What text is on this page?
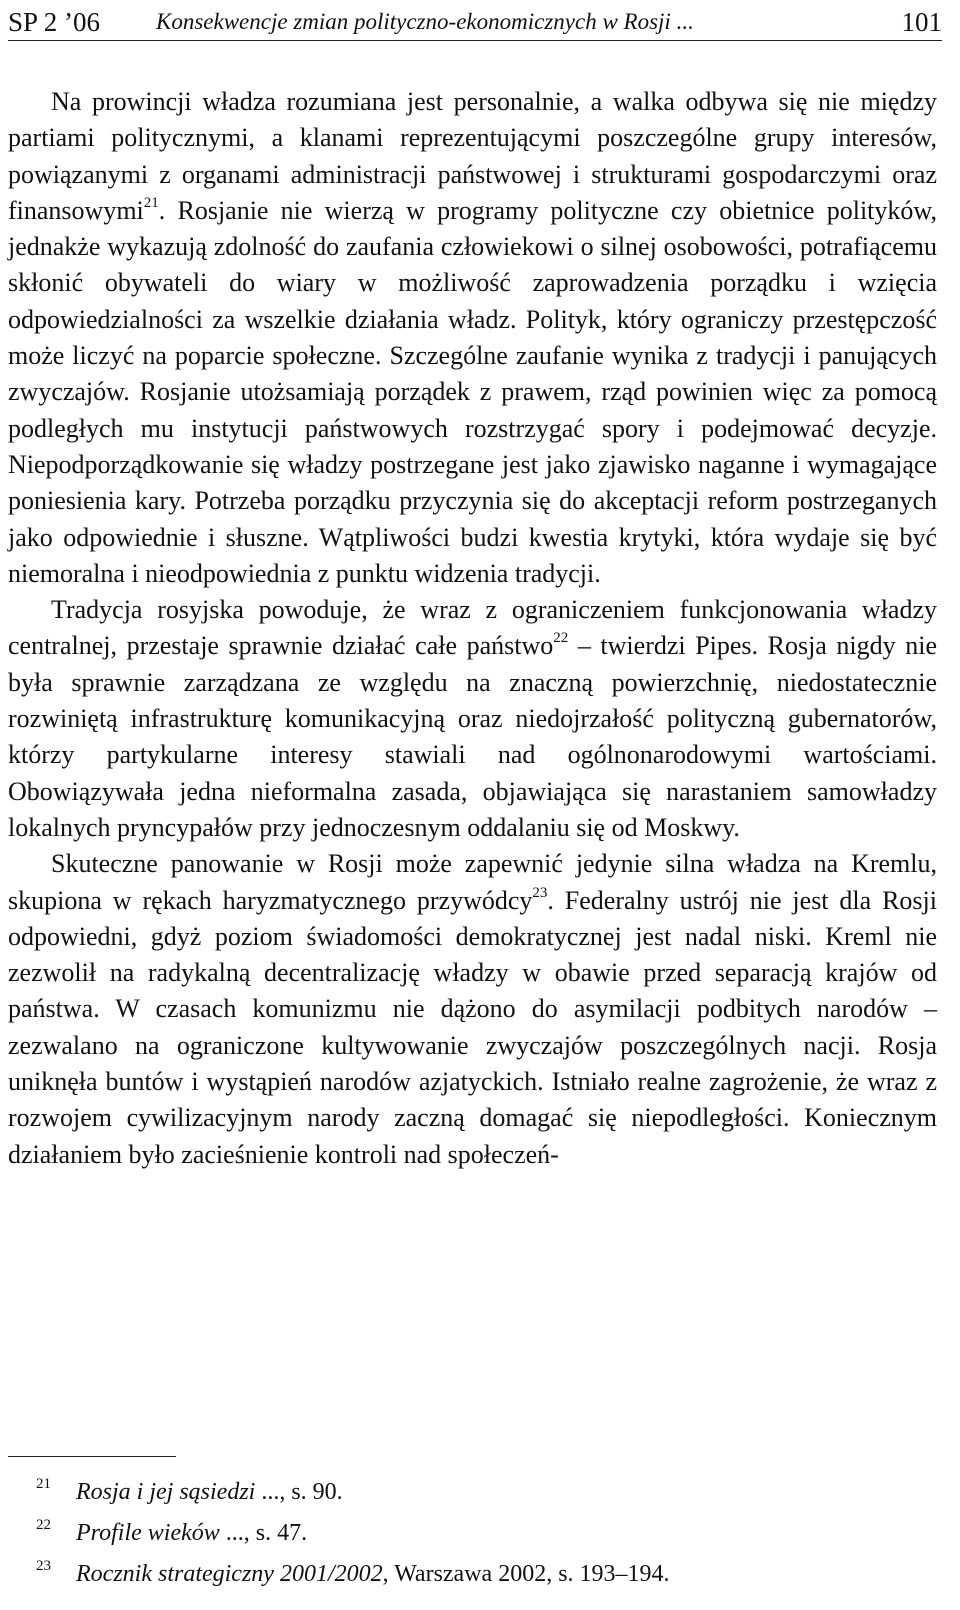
SP 2 ’06 Konsekwencje zmian polityczno-ekonomicznych w Rosji ...	101

Na prowincji władza rozumiana jest personalnie, a walka odbywa się nie między partiami politycznymi, a klanami reprezentującymi poszczególne grupy interesów, powiązanymi z organami administracji państwowej i strukturami gospodarczymi oraz finansowymi$^{21}$. Rosjanie nie wierzą w programy polityczne czy obietnice polityków, jednakże wykazują zdolność do zaufania człowiekowi o silnej osobowości, potrafiącemu skłonić obywateli do wiary w możliwość zaprowadzenia porządku i wzięcia odpowiedzialności za wszelkie działania władz. Polityk, który ograniczy przestępczość może liczyć na poparcie społeczne. Szczególne zaufanie wynika z tradycji i panujących zwyczajów. Rosjanie utożsamiają porządek z prawem, rząd powinien więc za pomocą podległych mu instytucji państwowych rozstrzygać spory i podejmować decyzje. Niepodporządkowanie się władzy postrzegane jest jako zjawisko naganne i wymagające poniesienia kary. Potrzeba porządku przyczynia się do akceptacji reform postrzeganych jako odpowiednie i słuszne. Wątpliwości budzi kwestia krytyki, która wydaje się być niemoralna i nieodpowiednia z punktu widzenia tradycji.

Tradycja rosyjska powoduje, że wraz z ograniczeniem funkcjonowania władzy centralnej, przestaje sprawnie działać całe państwo$^{22}$ – twierdzi Pipes. Rosja nigdy nie była sprawnie zarządzana ze względu na znaczną powierzchnię, niedostatecznie rozwiniętą infrastrukturę komunikacyjną oraz niedojrzałość polityczną gubernatorów, którzy partykularne interesy stawiali nad ogólnonarodowymi wartościami. Obowiązywała jedna nieformalna zasada, objawiająca się narastaniem samowładzy lokalnych pryncypałów przy jednoczesnym oddalaniu się od Moskwy.

Skuteczne panowanie w Rosji może zapewnić jedynie silna władza na Kremlu, skupiona w rękach haryzmatycznego przywódcy$^{23}$. Federalny ustrój nie jest dla Rosji odpowiedni, gdyż poziom świadomości demokratycznej jest nadal niski. Kreml nie zezwolił na radykalną decentralizację władzy w obawie przed separacją krajów od państwa. W czasach komunizmu nie dążono do asymilacji podbitych narodów – zezwalano na ograniczone kultywowanie zwyczajów poszczególnych nacji. Rosja uniknęła buntów i wystąpień narodów azjatyckich. Istniało realne zagrożenie, że wraz z rozwojem cywilizacyjnym narody zaczną domagać się niepodległości. Koniecznym działaniem było zacieśnienie kontroli nad społeczeń-

21 Rosja i jej sąsiedzi ..., s. 90.
22 Profile wieków ..., s. 47.
23 Rocznik strategiczny 2001/2002, Warszawa 2002, s. 193–194.
